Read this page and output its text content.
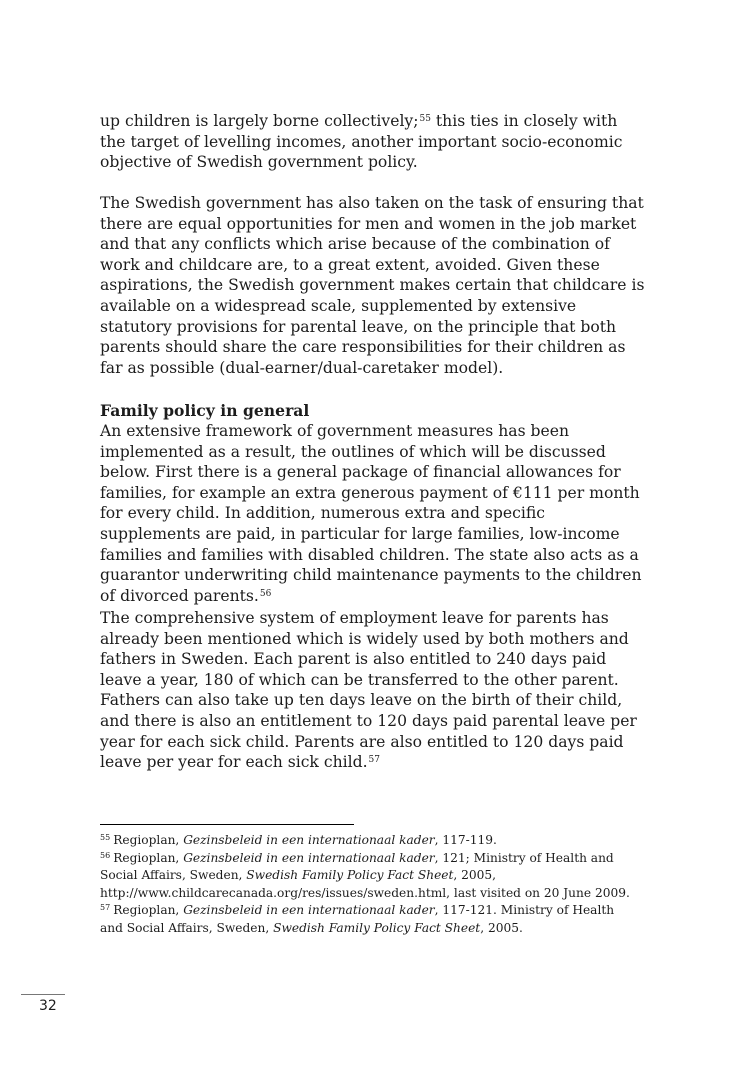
up children is largely borne collectively;$^{55}$ this ties in closely with the target of levelling incomes, another important socio-economic objective of Swedish government policy.
The Swedish government has also taken on the task of ensuring that there are equal opportunities for men and women in the job market and that any conflicts which arise because of the combination of work and childcare are, to a great extent, avoided. Given these aspirations, the Swedish government makes certain that childcare is available on a widespread scale, supplemented by extensive statutory provisions for parental leave, on the principle that both parents should share the care responsibilities for their children as far as possible (dual-earner/dual-caretaker model).
Family policy in general
An extensive framework of government measures has been implemented as a result, the outlines of which will be discussed below. First there is a general package of financial allowances for families, for example an extra generous payment of €111 per month for every child. In addition, numerous extra and specific supplements are paid, in particular for large families, low-income families and families with disabled children. The state also acts as a guarantor underwriting child maintenance payments to the children of divorced parents.$^{56}$
The comprehensive system of employment leave for parents has already been mentioned which is widely used by both mothers and fathers in Sweden. Each parent is also entitled to 240 days paid leave a year, 180 of which can be transferred to the other parent. Fathers can also take up ten days leave on the birth of their child, and there is also an entitlement to 120 days paid parental leave per year for each sick child. Parents are also entitled to 120 days paid leave per year for each sick child.$^{57}$

$^{55}$ Regioplan, Gezinsbeleid in een internationaal kader, 117-119.

$^{56}$ Regioplan, Gezinsbeleid in een internationaal kader, 121; Ministry of Health and Social Affairs, Sweden, Swedish Family Policy Fact Sheet, 2005, http://www.childcarecanada.org/res/issues/sweden.html, last visited on 20 June 2009.

$^{57}$ Regioplan, Gezinsbeleid in een internationaal kader, 117-121. Ministry of Health and Social Affairs, Sweden, Swedish Family Policy Fact Sheet, 2005.

32
